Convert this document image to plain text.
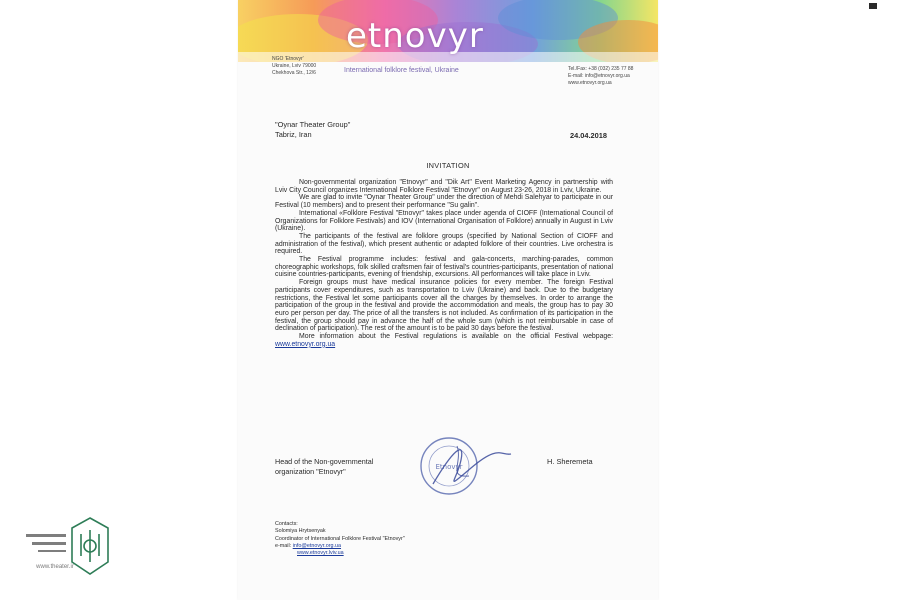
etnovyr
International folklore festival, Ukraine
NGO 'Etnovyr'
Ukraine, Lviv 79000
Chekhova Str., 12/6
Tel./Fax: +38 (032) 235 77 88
E-mail: info@etnovyr.org.ua
www.etnovyr.org.ua
"Oynar Theater Group"
Tabriz, Iran	24.04.2018
INVITATION

Non-governmental organization "Etnovyr" and "Dik Art" Event Marketing Agency in partnership with Lviv City Council organizes International Folklore Festival "Etnovyr" on August 23-26, 2018 in Lviv, Ukraine.

We are glad to invite "Oynar Theater Group" under the direction of Mehdi Salehyar to participate in our Festival (10 members) and to present their performance "Su galin".

International «Folklore Festival "Etnovyr" takes place under agenda of CIOFF (International Council of Organizations for Folklore Festivals) and IOV (International Organisation of Folklore) annually in August in Lviv (Ukraine).

The participants of the festival are folklore groups (specified by National Section of CIOFF and administration of the festival), which present authentic or adapted folklore of their countries. Live orchestra is required.

The Festival programme includes: festival and gala-concerts, marching-parades, common choreographic workshops, folk skilled craftsmen fair of festival's countries-participants, presentation of national cuisine countries-participants, evening of friendship, excursions. All performances will take place in Lviv.

Foreign groups must have medical insurance policies for every member. The foreign Festival participants cover expenditures, such as transportation to Lviv (Ukraine) and back. Due to the budgetary restrictions, the Festival let some participants cover all the charges by themselves. In order to arrange the participation of the group in the festival and provide the accommodation and meals, the group has to pay 30 euro per person per day. The price of all the transfers is not included. As confirmation of its participation in the festival, the group should pay in advance the half of the whole sum (which is not reimbursable in case of declination of participation). The rest of the amount is to be paid 30 days before the festival.

More information about the Festival regulations is available on the official Festival webpage: www.etnovyr.org.ua

Head of the Non-governmental
organization "Etnovyr"	Etnovyr
H. Sheremeta
Contacts:
Solomiya Hrytsenyak
Coordinator of International Folklore Festival "Etnovyr"
e-mail: info@etnovyr.org.ua
www.etnovyr.lviv.ua
www.theater.ir
